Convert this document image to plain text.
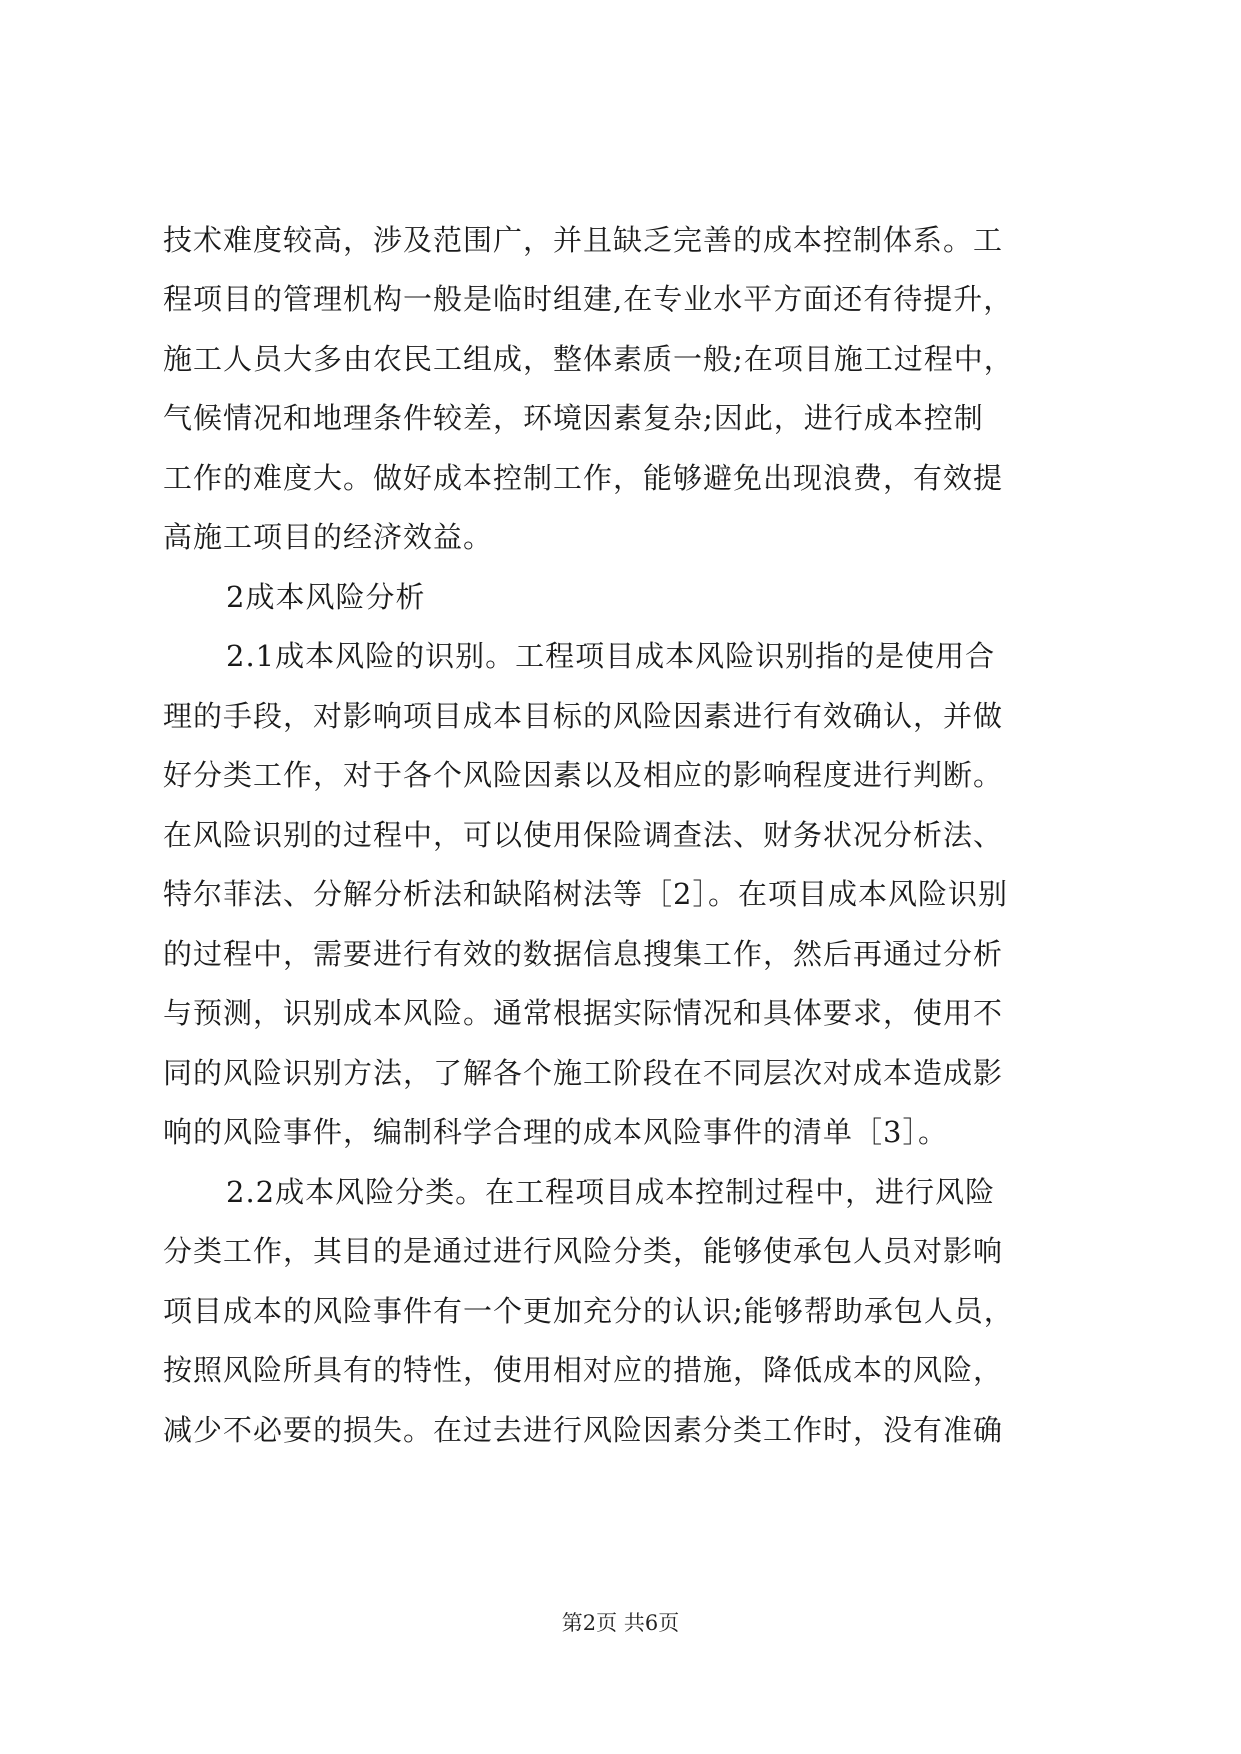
技术难度较高，涉及范围广，并且缺乏完善的成本控制体系。工
程项目的管理机构一般是临时组建,在专业水平方面还有待提升，
施工人员大多由农民工组成，整体素质一般;在项目施工过程中，
气候情况和地理条件较差，环境因素复杂;因此，进行成本控制
工作的难度大。做好成本控制工作，能够避免出现浪费，有效提
高施工项目的经济效益。
2成本风险分析
2.1成本风险的识别。工程项目成本风险识别指的是使用合
理的手段，对影响项目成本目标的风险因素进行有效确认，并做
好分类工作，对于各个风险因素以及相应的影响程度进行判断。
在风险识别的过程中，可以使用保险调查法、财务状况分析法、
特尔菲法、分解分析法和缺陷树法等［2］。在项目成本风险识别
的过程中，需要进行有效的数据信息搜集工作，然后再通过分析
与预测，识别成本风险。通常根据实际情况和具体要求，使用不
同的风险识别方法，了解各个施工阶段在不同层次对成本造成影
响的风险事件，编制科学合理的成本风险事件的清单［3］。
2.2成本风险分类。在工程项目成本控制过程中，进行风险
分类工作，其目的是通过进行风险分类，能够使承包人员对影响
项目成本的风险事件有一个更加充分的认识;能够帮助承包人员，
按照风险所具有的特性，使用相对应的措施，降低成本的风险，
减少不必要的损失。在过去进行风险因素分类工作时，没有准确
第2页 共6页
